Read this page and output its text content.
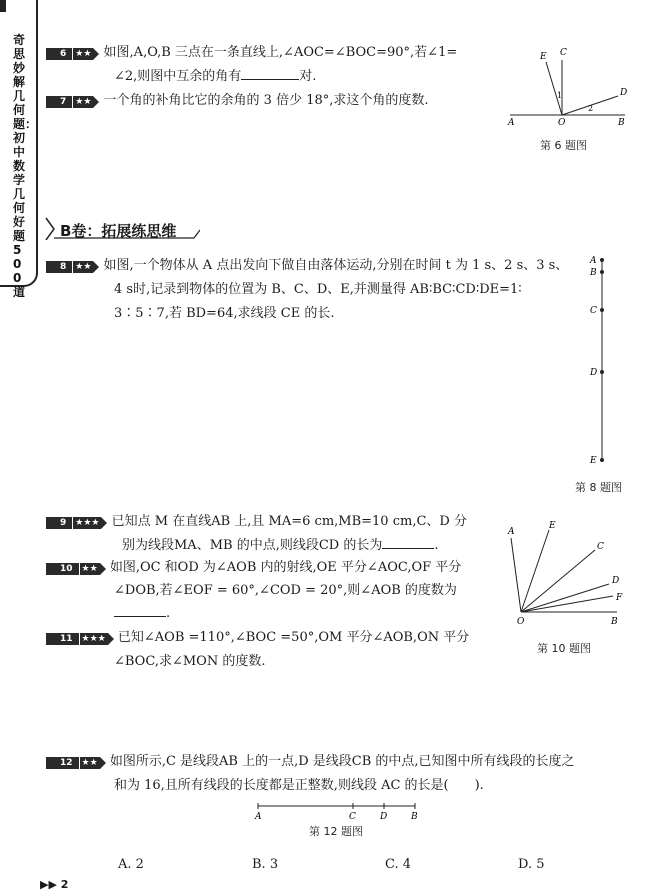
奇思妙解几何题：初中数学几何好题500道
6 ★★ 如图,A,O,B 三点在一条直线上,∠AOC=∠BOC=90°,若∠1=
∠2,则图中互余的角有	对.
7 ★★ 一个角的补角比它的余角的 3 倍少 18°,求这个角的度数.
E C
D
A	O	B
1
2
第 6 题图
B卷：拓展练思维
8 ★★ 如图,一个物体从 A 点出发向下做自由落体运动,分别在时间 t 为 1 s、2 s、3 s、
4 s时,记录到物体的位置为 B、C、D、E,并测量得 AB∶BC∶CD∶DE=1∶
3∶5∶7,若 BD=64,求线段 CE 的长.
A
B
C
D
E
第 8 题图
9 ★★★ 已知点 M 在直线AB 上,且 MA=6 cm,MB=10 cm,C、D 分
别为线段MA、MB 的中点,则线段CD 的长为	.
10 ★★ 如图,OC 和OD 为∠AOB 内的射线,OE 平分∠AOC,OF 平分
∠DOB,若∠EOF = 60°,∠COD = 20°,则∠AOB 的度数为
.
11 ★★★ 已知∠AOB =110°,∠BOC =50°,OM 平分∠AOB,ON 平分
∠BOC,求∠MON 的度数.
A
E
C
D
F
O	B
第 10 题图
12 ★★ 如图所示,C 是线段AB 上的一点,D 是线段CB 的中点,已知图中所有线段的长度之
和为 16,且所有线段的长度都是正整数,则线段 AC 的长是(　　).
A	C	D	B
第 12 题图
A. 2	B. 3	C. 4	D. 5
▶▶ 2
